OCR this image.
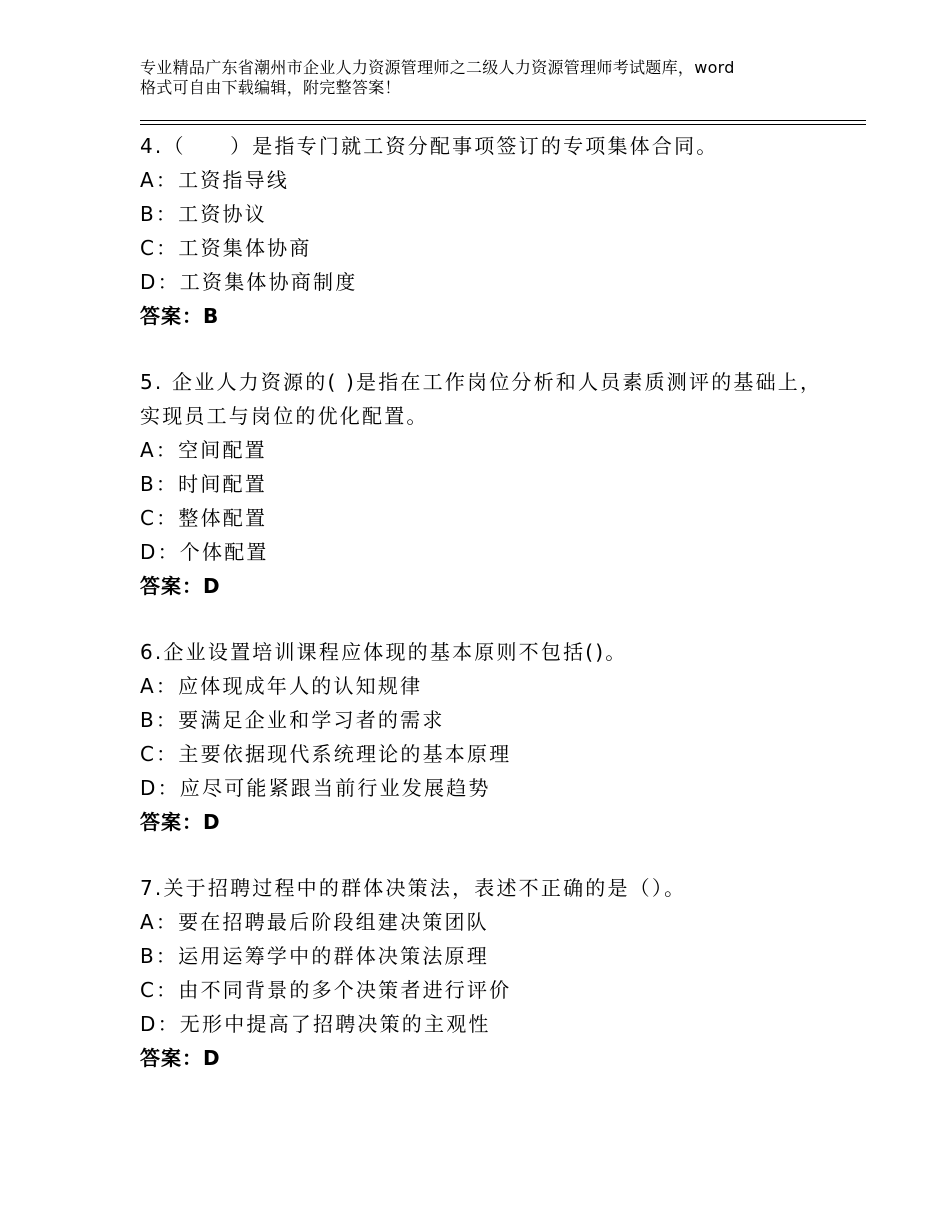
专业精品广东省潮州市企业人力资源管理师之二级人力资源管理师考试题库，word
格式可自由下载编辑，附完整答案！
4.（　　）是指专门就工资分配事项签订的专项集体合同。
A：工资指导线
B：工资协议
C：工资集体协商
D：工资集体协商制度
答案：B
5. 企业人力资源的( )是指在工作岗位分析和人员素质测评的基础上，实现员工与岗位的优化配置。
A：空间配置
B：时间配置
C：整体配置
D：个体配置
答案：D
6.企业设置培训课程应体现的基本原则不包括()。
A：应体现成年人的认知规律
B：要满足企业和学习者的需求
C：主要依据现代系统理论的基本原理
D：应尽可能紧跟当前行业发展趋势
答案：D
7.关于招聘过程中的群体决策法，表述不正确的是（）。
A：要在招聘最后阶段组建决策团队
B：运用运筹学中的群体决策法原理
C：由不同背景的多个决策者进行评价
D：无形中提高了招聘决策的主观性
答案：D
